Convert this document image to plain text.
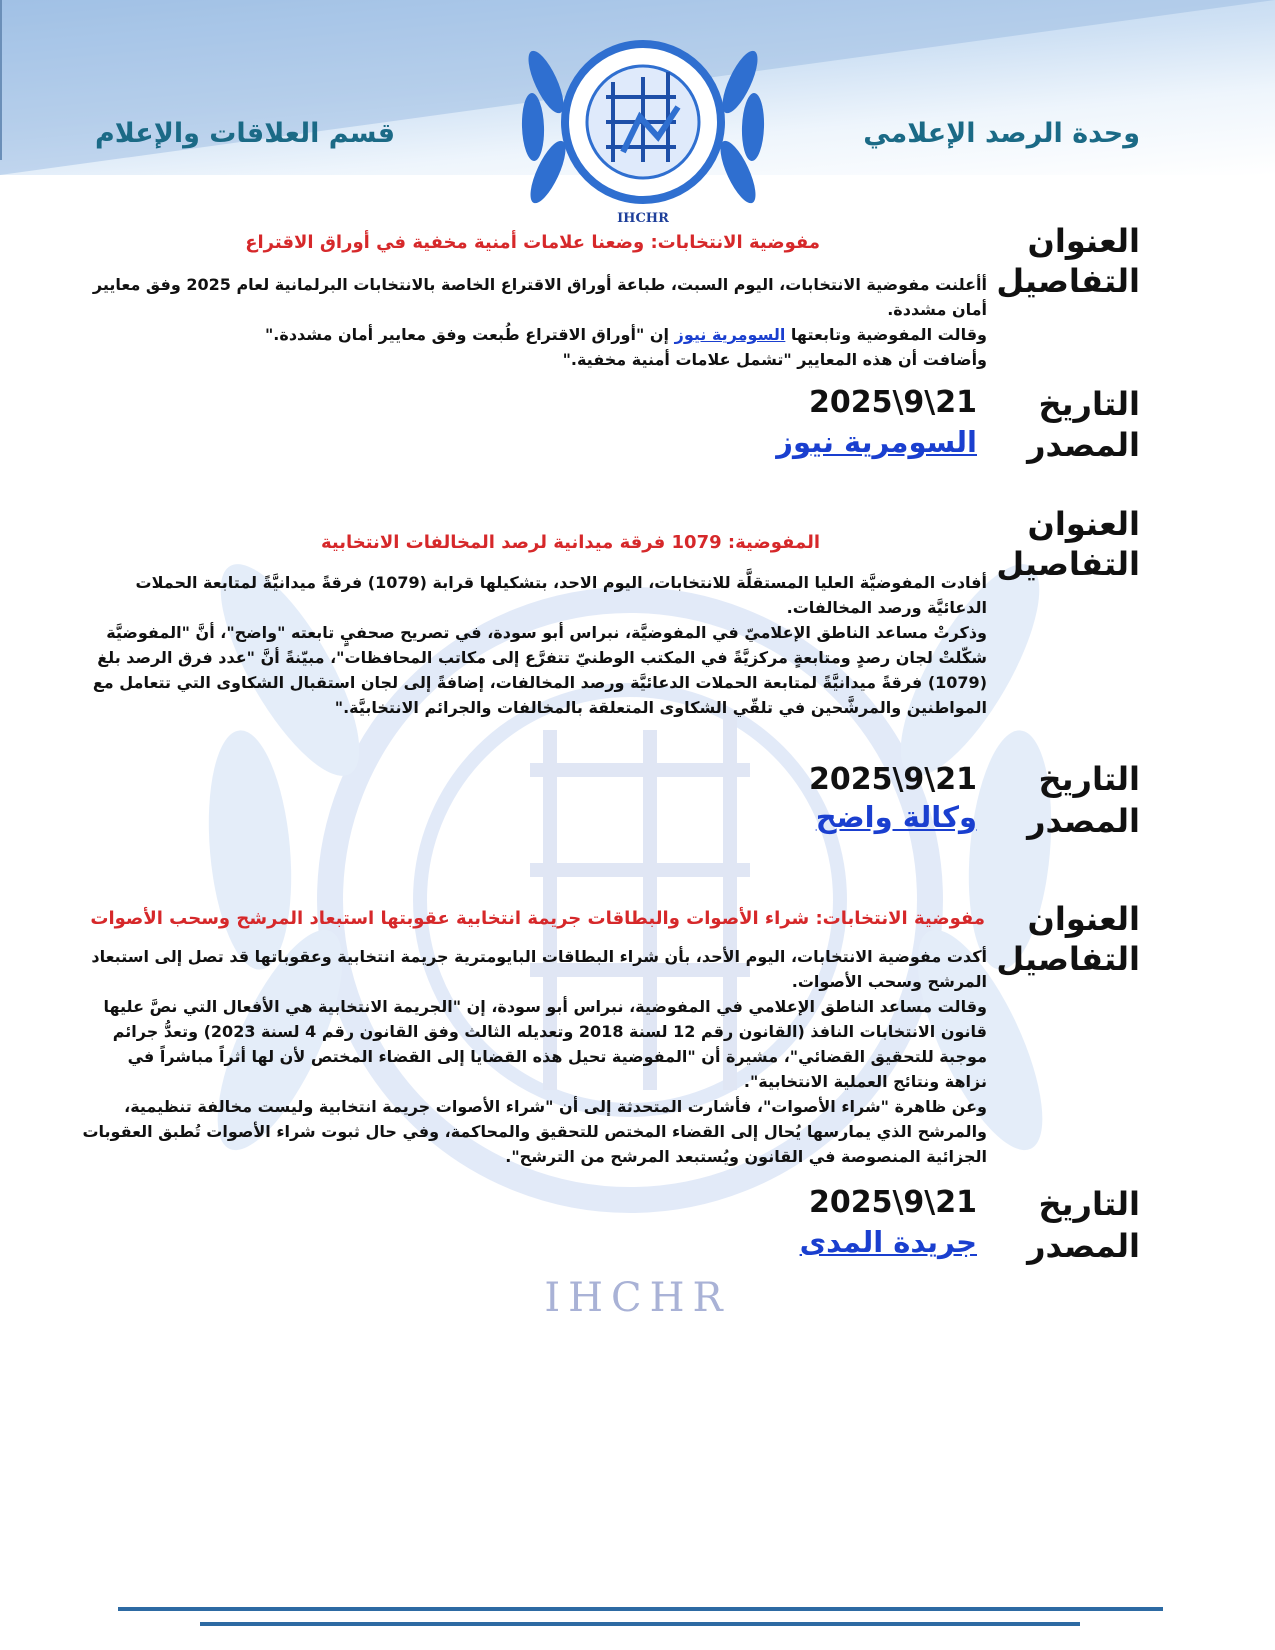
IHCHR
وحدة الرصد الإعلامي
قسم العلاقات والإعلام
IHCHR
العنوان
التفاصيل
مفوضية الانتخابات: وضعنا علامات أمنية مخفية في أوراق الاقتراع

أأعلنت مفوضية الانتخابات، اليوم السبت، طباعة أوراق الاقتراع الخاصة بالانتخابات البرلمانية لعام 2025 وفق معايير أمان مشددة.

وقالت المفوضية وتابعتها السومرية نيوز إن "أوراق الاقتراع طُبعت وفق معايير أمان مشددة."

وأضافت أن هذه المعايير "تشمل علامات أمنية مخفية."

التاريخ
المصدر
2025\9\21
السومرية نيوز
العنوان
التفاصيل
المفوضية: 1079 فرقة ميدانية لرصد المخالفات الانتخابية

أفادت المفوضيَّة العليا المستقلَّة للانتخابات، اليوم الاحد، بتشكيلها قرابة (1079) فرقةً ميدانيَّةً لمتابعة الحملات الدعائيَّة ورصد المخالفات.

وذكرتْ مساعد الناطق الإعلاميّ في المفوضيَّة، نبراس أبو سودة، في تصريح صحفيٍ تابعته "واضح"، أنَّ "المفوضيَّة شكّلتْ لجان رصدٍ ومتابعةٍ مركزيَّةً في المكتب الوطنيّ تتفرَّع إلى مكاتب المحافظات"، مبيّنةً أنَّ "عدد فرق الرصد بلغ (1079) فرقةً ميدانيَّةً لمتابعة الحملات الدعائيَّة ورصد المخالفات، إضافةً إلى لجان استقبال الشكاوى التي تتعامل مع المواطنين والمرشَّحين في تلقّي الشكاوى المتعلقة بالمخالفات والجرائم الانتخابيَّة."

التاريخ
المصدر
2025\9\21
وكالة واضح
العنوان
التفاصيل
مفوضية الانتخابات: شراء الأصوات والبطاقات جريمة انتخابية عقوبتها استبعاد المرشح وسحب الأصوات

أكدت مفوضية الانتخابات، اليوم الأحد، بأن شراء البطاقات البايومترية جريمة انتخابية وعقوباتها قد تصل إلى استبعاد المرشح وسحب الأصوات.

وقالت مساعد الناطق الإعلامي في المفوضية، نبراس أبو سودة، إن "الجريمة الانتخابية هي الأفعال التي نصَّ عليها قانون الانتخابات النافذ (القانون رقم 12 لسنة 2018 وتعديله الثالث وفق القانون رقم 4 لسنة 2023) وتعدُّ جرائم موجبة للتحقيق القضائي"، مشيرة أن "المفوضية تحيل هذه القضايا إلى القضاء المختص لأن لها أثراً مباشراً في نزاهة ونتائج العملية الانتخابية".

وعن ظاهرة "شراء الأصوات"، فأشارت المتحدثة إلى أن "شراء الأصوات جريمة انتخابية وليست مخالفة تنظيمية، والمرشح الذي يمارسها يُحال إلى القضاء المختص للتحقيق والمحاكمة، وفي حال ثبوت شراء الأصوات تُطبق العقوبات الجزائية المنصوصة في القانون ويُستبعد المرشح من الترشح".

التاريخ
المصدر
2025\9\21
جريدة المدى
